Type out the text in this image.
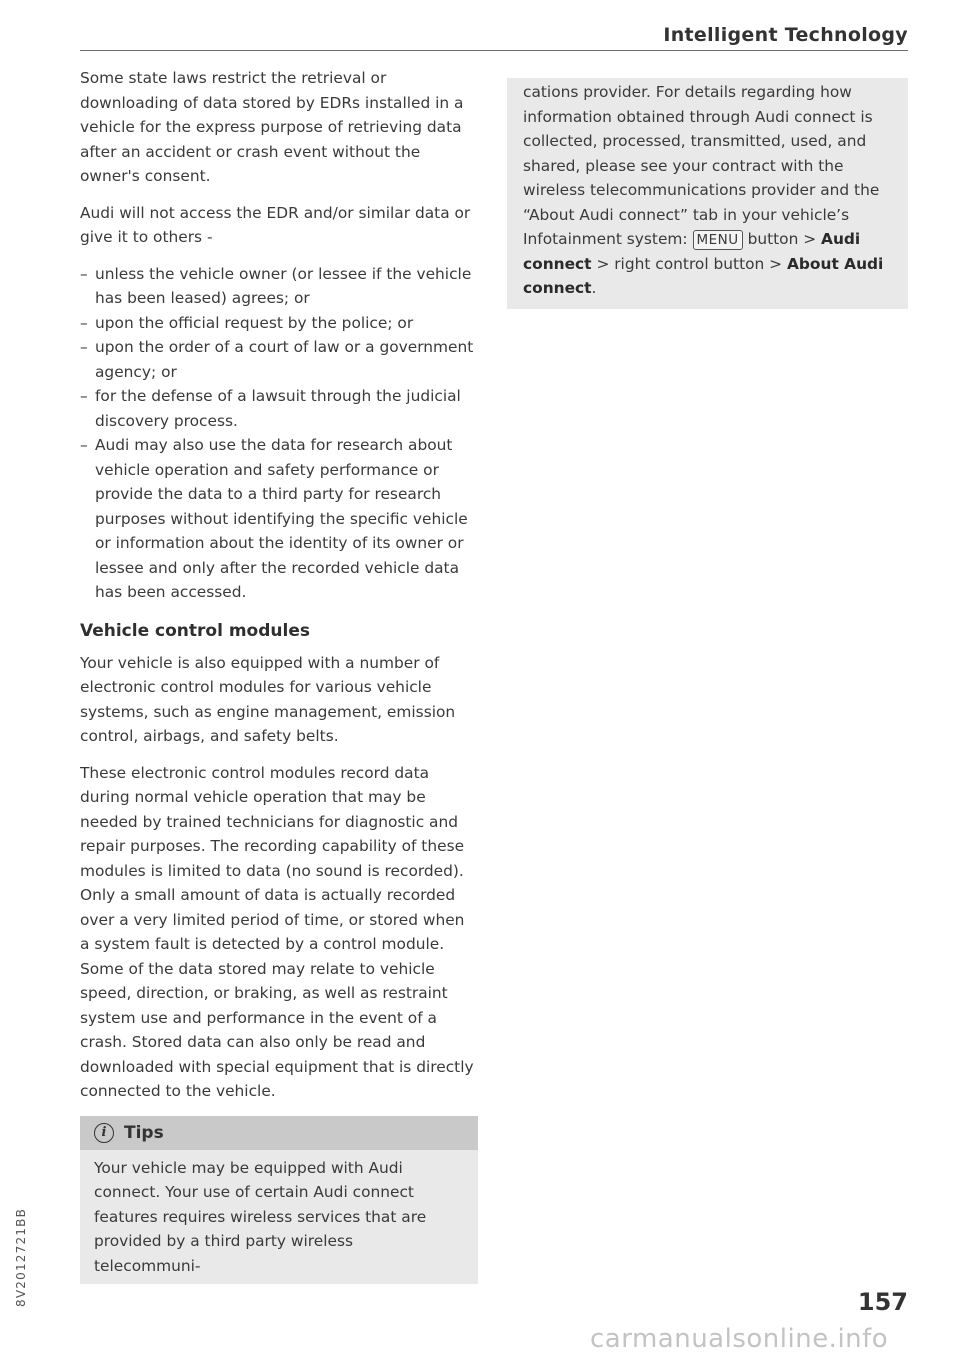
Intelligent Technology

Some state laws restrict the retrieval or downloading of data stored by EDRs installed in a vehicle for the express purpose of retrieving data after an accident or crash event without the owner's consent.

Audi will not access the EDR and/or similar data or give it to others -

– unless the vehicle owner (or lessee if the vehicle has been leased) agrees; or
– upon the official request by the police; or
– upon the order of a court of law or a government agency; or
– for the defense of a lawsuit through the judicial discovery process.
– Audi may also use the data for research about vehicle operation and safety performance or provide the data to a third party for research purposes without identifying the specific vehicle or information about the identity of its owner or lessee and only after the recorded vehicle data has been accessed.
Vehicle control modules

Your vehicle is also equipped with a number of electronic control modules for various vehicle systems, such as engine management, emission control, airbags, and safety belts.

These electronic control modules record data during normal vehicle operation that may be needed by trained technicians for diagnostic and repair purposes. The recording capability of these modules is limited to data (no sound is recorded). Only a small amount of data is actually recorded over a very limited period of time, or stored when a system fault is detected by a control module. Some of the data stored may relate to vehicle speed, direction, or braking, as well as restraint system use and performance in the event of a crash. Stored data can also only be read and downloaded with special equipment that is directly connected to the vehicle.

i	Tips

Your vehicle may be equipped with Audi connect. Your use of certain Audi connect features requires wireless services that are provided by a third party wireless telecommuni-

cations provider. For details regarding how information obtained through Audi connect is collected, processed, transmitted, used, and shared, please see your contract with the wireless telecommunications provider and the “About Audi connect” tab in your vehicle’s Infotainment system: MENU button > Audi connect > right control button > About Audi connect.

8V2012721BB	157
carmanualsonline.info
